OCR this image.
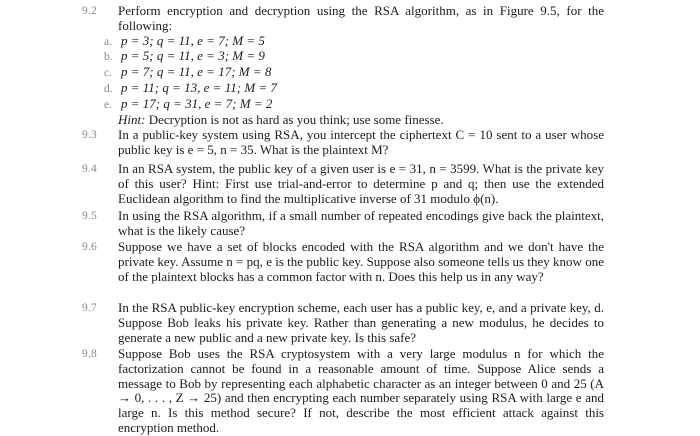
9.2	Perform encryption and decryption using the RSA algorithm, as in Figure 9.5, for the following:
a. p = 3; q = 11, e = 7; M = 5
b. p = 5; q = 11, e = 3; M = 9
c. p = 7; q = 11, e = 17; M = 8
d. p = 11; q = 13, e = 11; M = 7
e. p = 17; q = 31, e = 7; M = 2
Hint: Decryption is not as hard as you think; use some finesse.
9.3	In a public-key system using RSA, you intercept the ciphertext C = 10 sent to a user whose public key is e = 5, n = 35. What is the plaintext M?
9.4	In an RSA system, the public key of a given user is e = 31, n = 3599. What is the private key of this user? Hint: First use trial-and-error to determine p and q; then use the extended Euclidean algorithm to find the multiplicative inverse of 31 modulo ϕ(n).
9.5	In using the RSA algorithm, if a small number of repeated encodings give back the plaintext, what is the likely cause?
9.6	Suppose we have a set of blocks encoded with the RSA algorithm and we don't have the private key. Assume n = pq, e is the public key. Suppose also someone tells us they know one of the plaintext blocks has a common factor with n. Does this help us in any way?
9.7	In the RSA public-key encryption scheme, each user has a public key, e, and a private key, d. Suppose Bob leaks his private key. Rather than generating a new modulus, he decides to generate a new public and a new private key. Is this safe?
9.8	Suppose Bob uses the RSA cryptosystem with a very large modulus n for which the factorization cannot be found in a reasonable amount of time. Suppose Alice sends a message to Bob by representing each alphabetic character as an integer between 0 and 25 (A → 0, . . . , Z → 25) and then encrypting each number separately using RSA with large e and large n. Is this method secure? If not, describe the most efficient attack against this encryption method.
